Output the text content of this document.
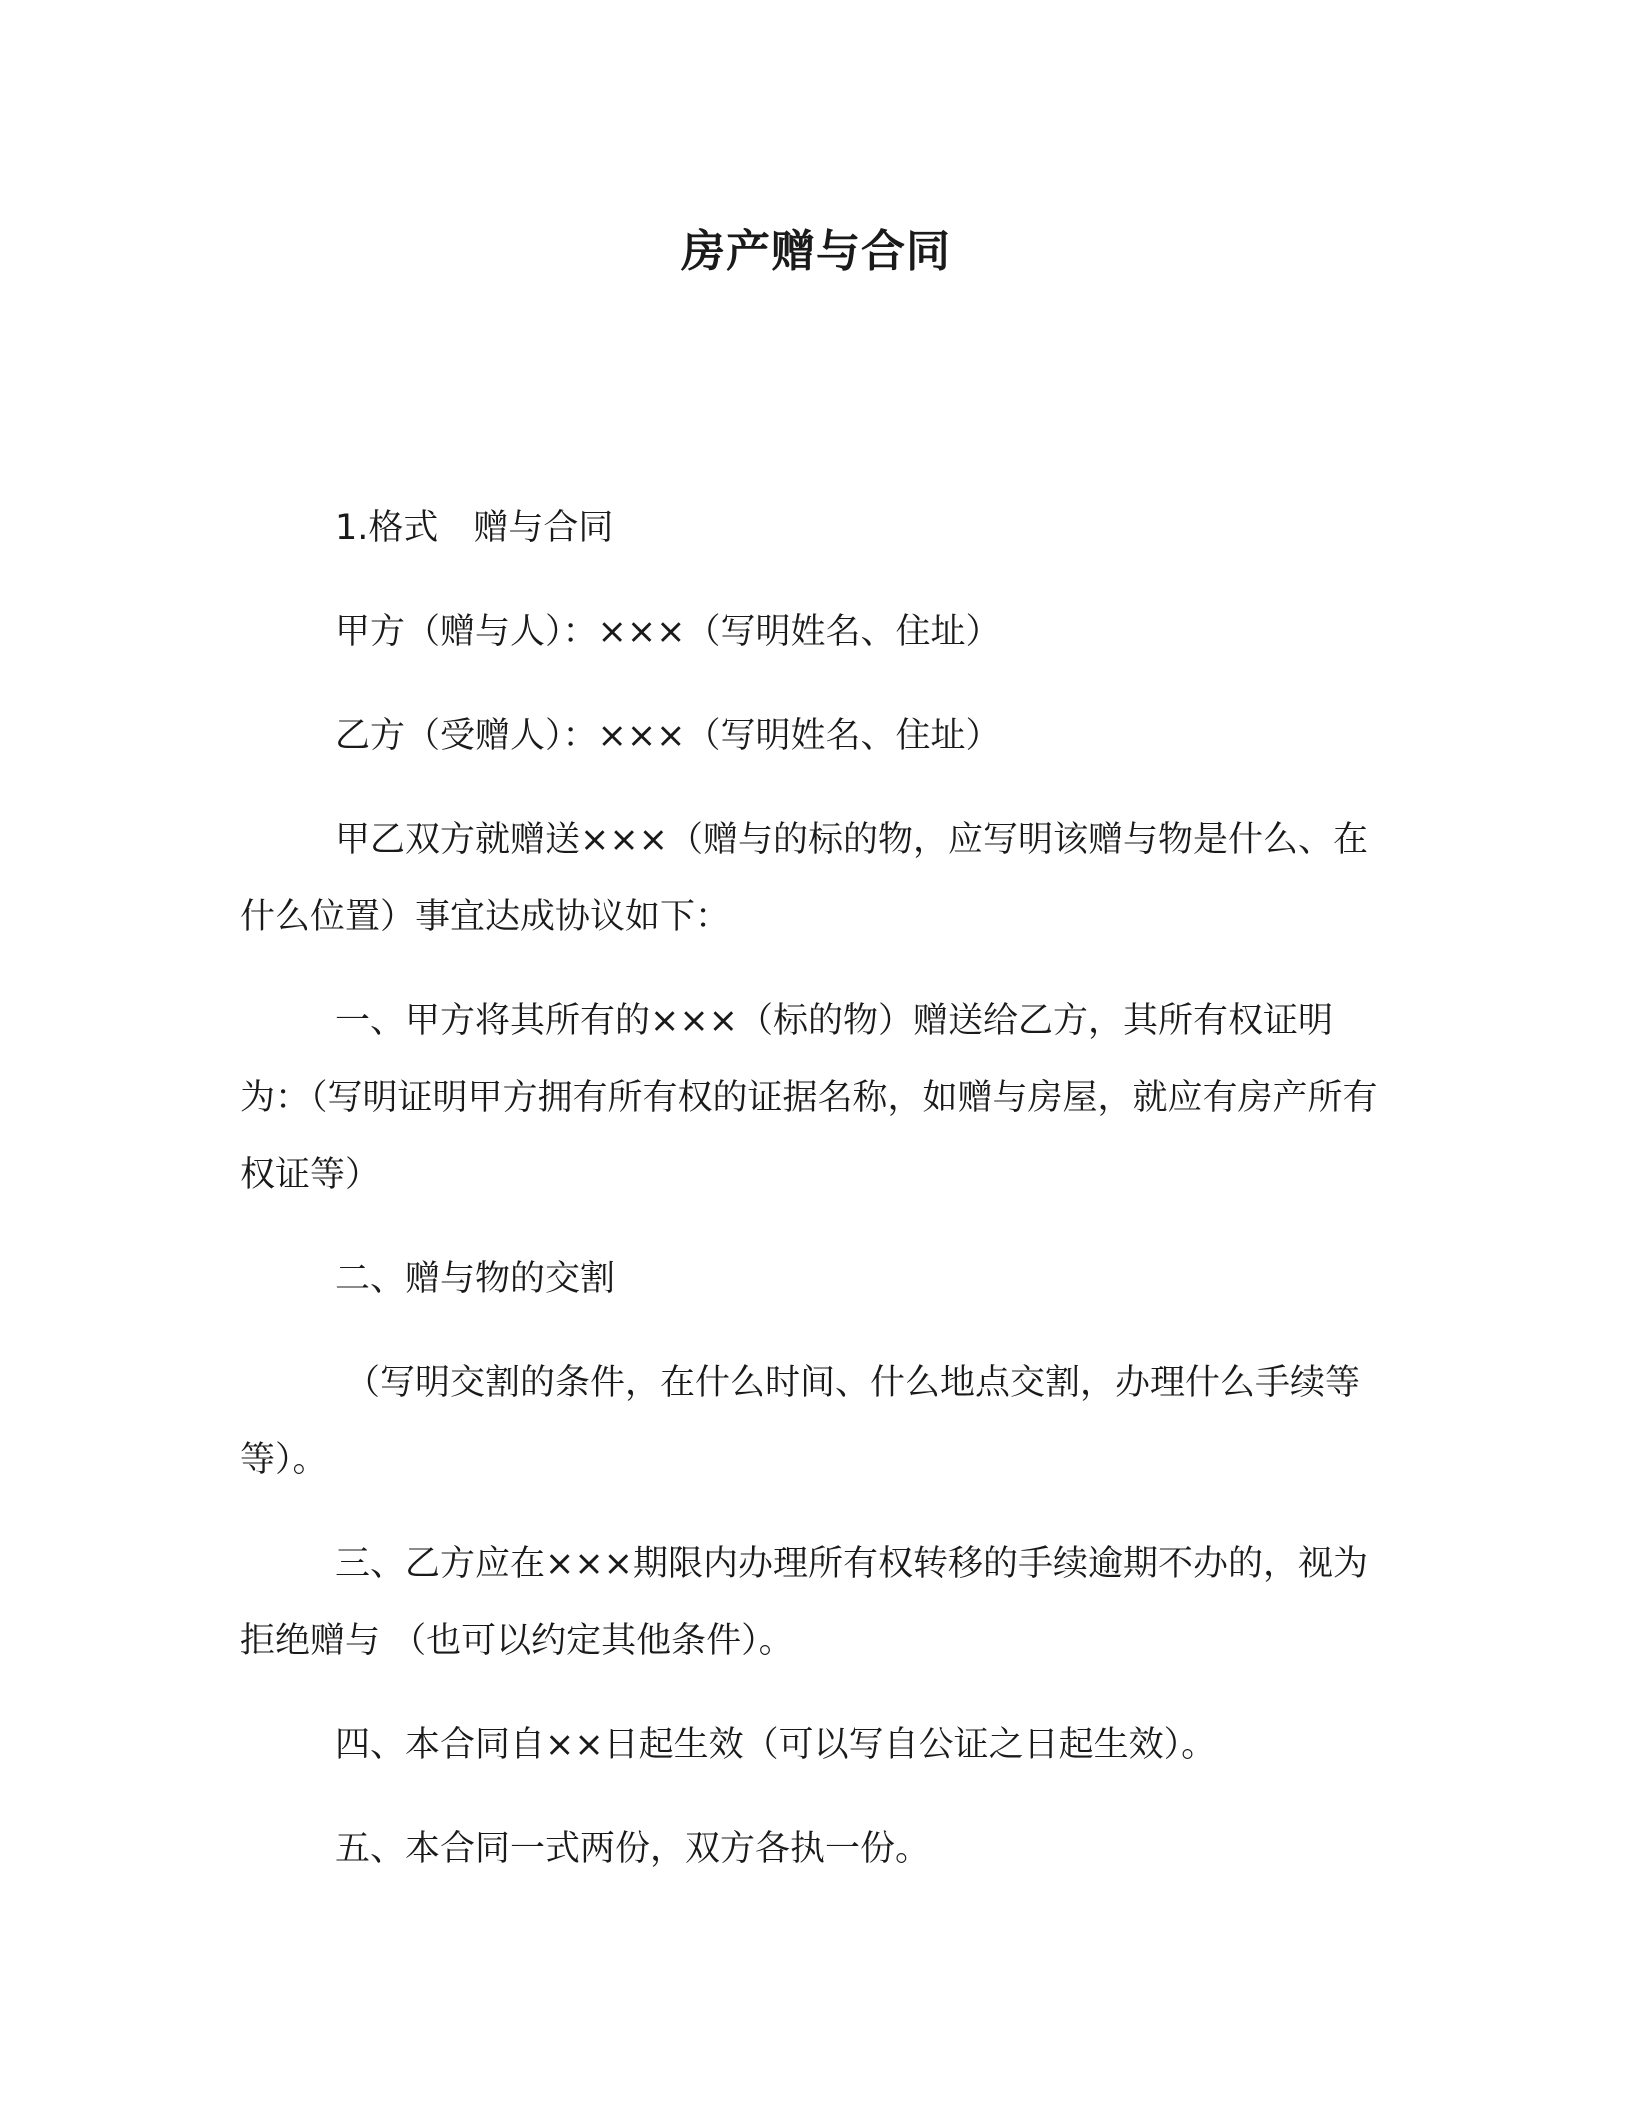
房产赠与合同

1.格式　赠与合同

甲方（赠与人）：×××（写明姓名、住址）

乙方（受赠人）：×××（写明姓名、住址）

甲乙双方就赠送×××（赠与的标的物，应写明该赠与物是什么、在什么位置）事宜达成协议如下：

一、甲方将其所有的×××（标的物）赠送给乙方，其所有权证明为：（写明证明甲方拥有所有权的证据名称，如赠与房屋，就应有房产所有权证等）

二、赠与物的交割

（写明交割的条件，在什么时间、什么地点交割，办理什么手续等等）。

三、乙方应在×××期限内办理所有权转移的手续逾期不办的，视为拒绝赠与 （也可以约定其他条件）。

四、本合同自××日起生效（可以写自公证之日起生效）。

五、本合同一式两份，双方各执一份。
